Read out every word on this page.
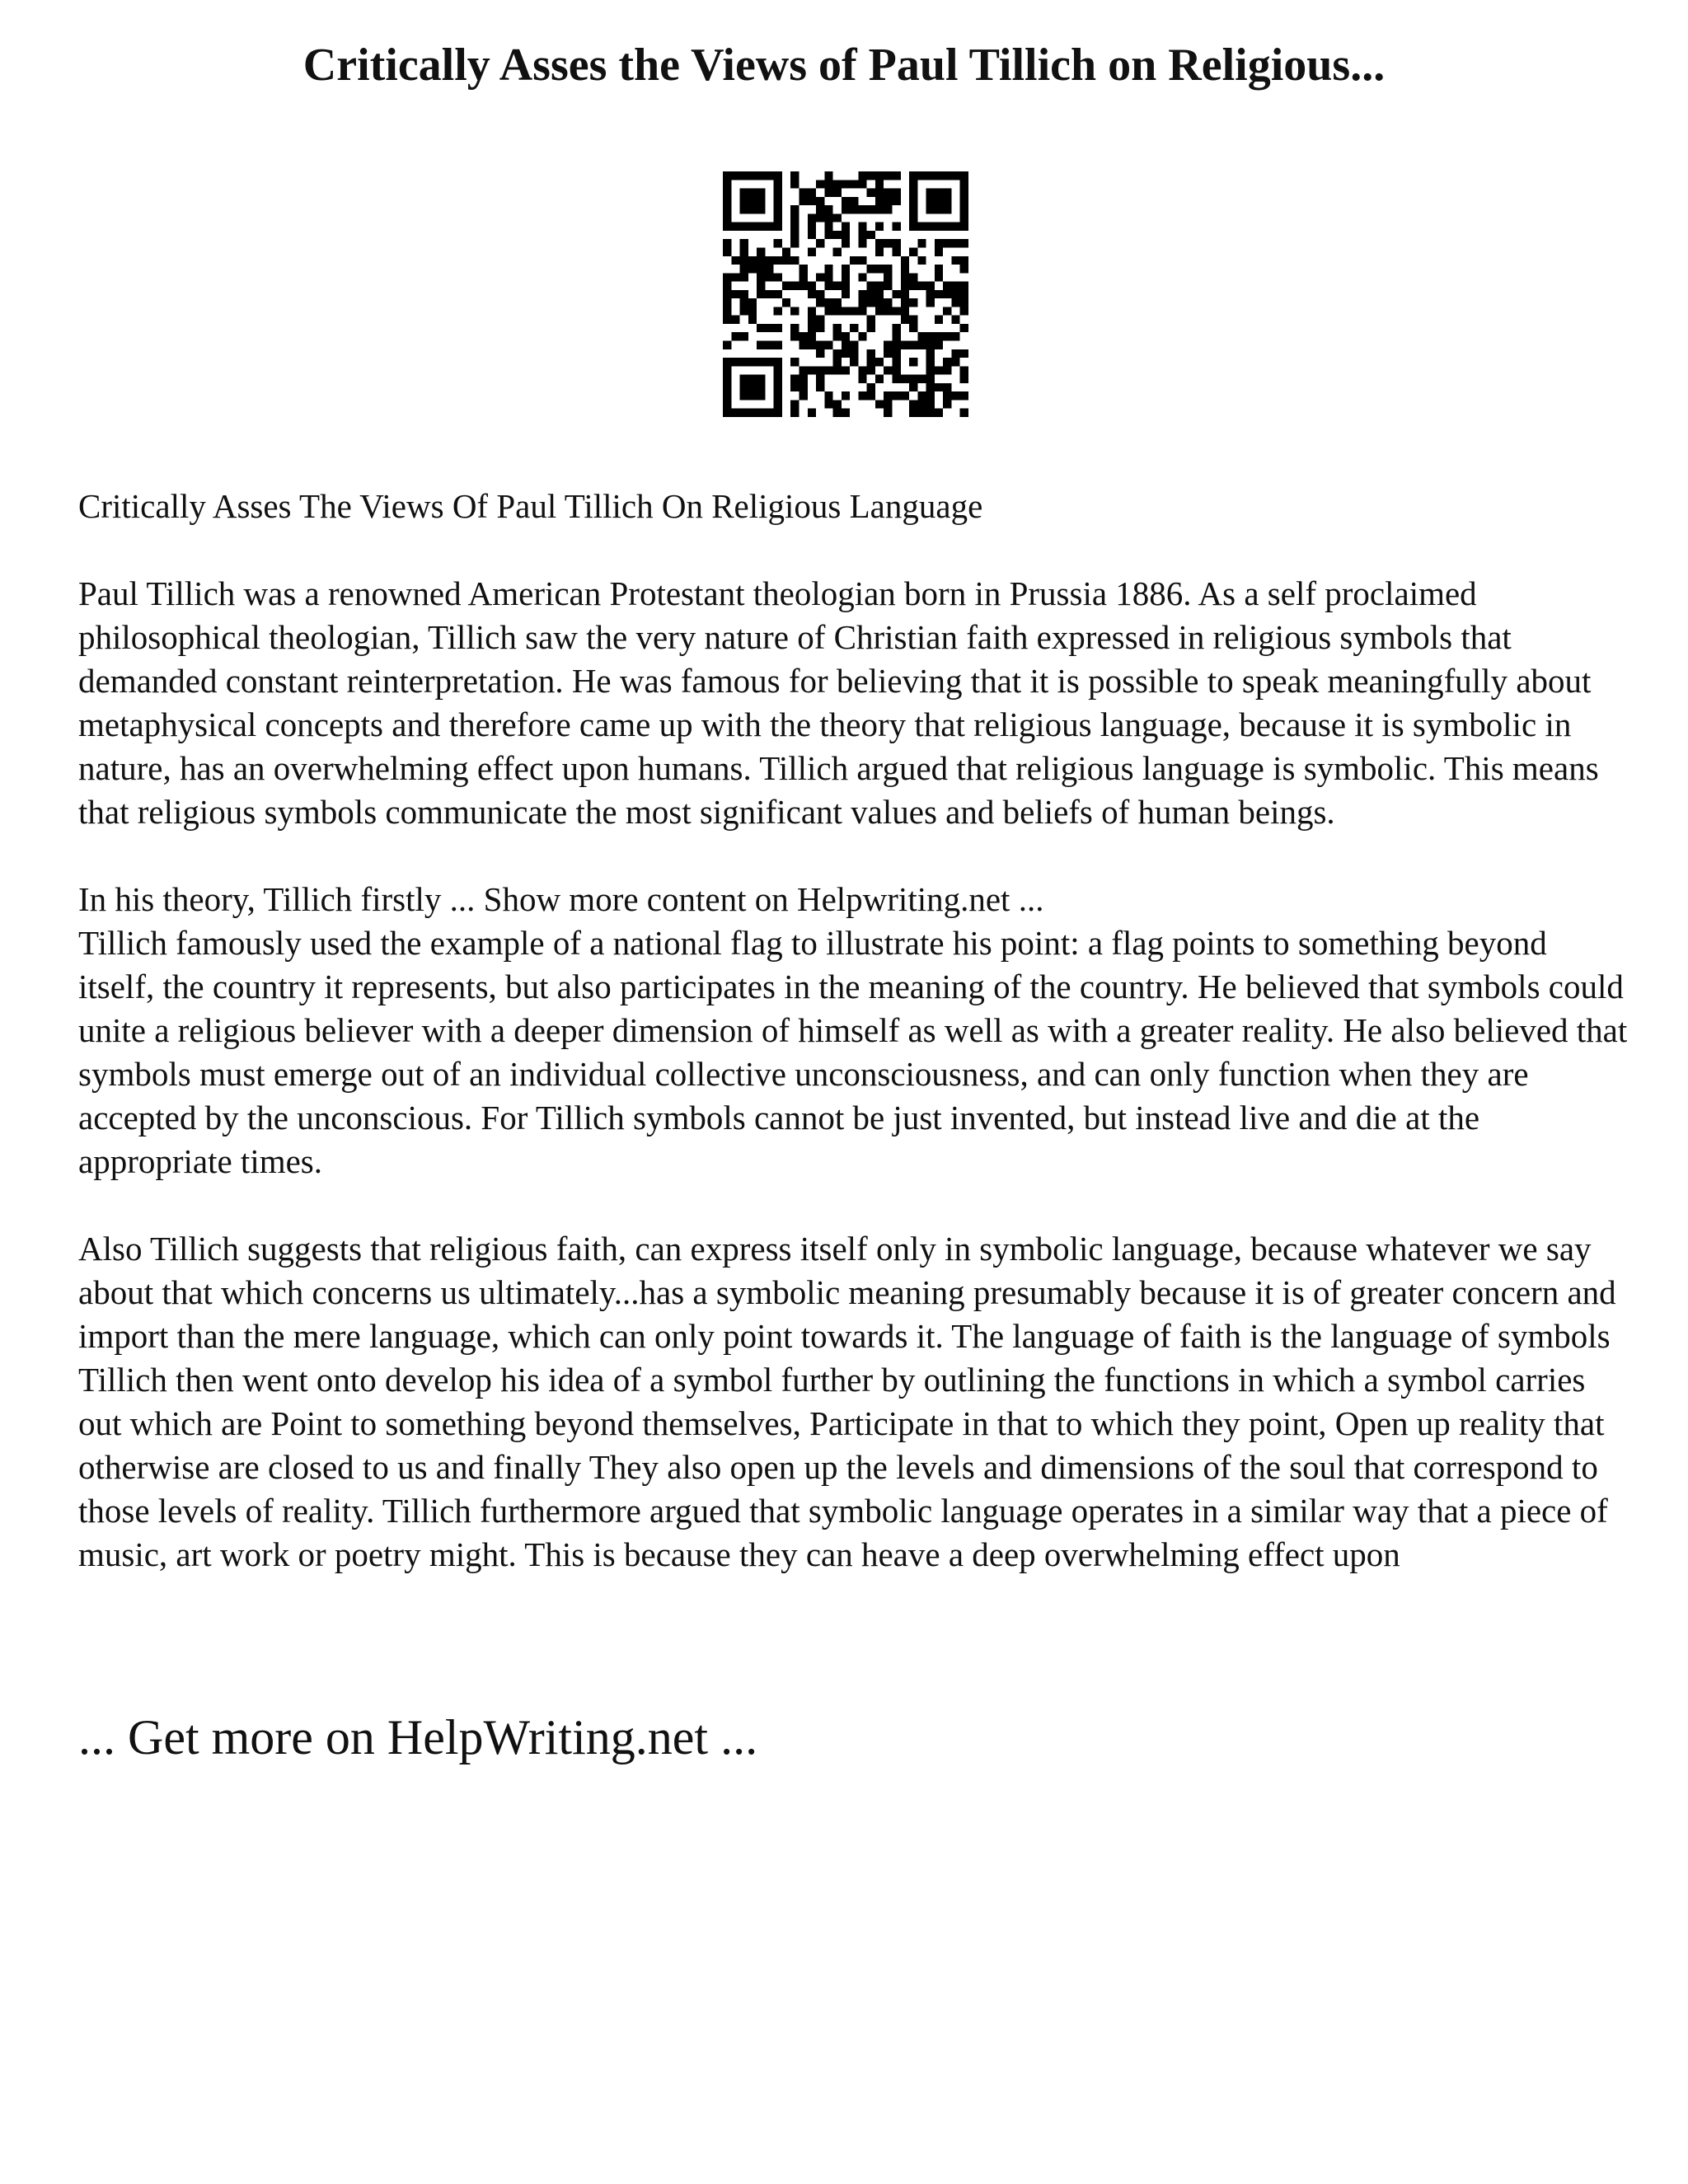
Critically Asses the Views of Paul Tillich on Religious...

Critically Asses The Views Of Paul Tillich On Religious Language

Paul Tillich was a renowned American Protestant theologian born in Prussia 1886. As a self proclaimed philosophical theologian, Tillich saw the very nature of Christian faith expressed in religious symbols that demanded constant reinterpretation. He was famous for believing that it is possible to speak meaningfully about metaphysical concepts and therefore came up with the theory that religious language, because it is symbolic in nature, has an overwhelming effect upon humans. Tillich argued that religious language is symbolic. This means that religious symbols communicate the most significant values and beliefs of human beings.

In his theory, Tillich firstly ... Show more content on Helpwriting.net ...

Tillich famously used the example of a national flag to illustrate his point: a flag points to something beyond itself, the country it represents, but also participates in the meaning of the country. He believed that symbols could unite a religious believer with a deeper dimension of himself as well as with a greater reality. He also believed that symbols must emerge out of an individual collective unconsciousness, and can only function when they are accepted by the unconscious. For Tillich symbols cannot be just invented, but instead live and die at the appropriate times.

Also Tillich suggests that religious faith, can express itself only in symbolic language, because whatever we say about that which concerns us ultimately...has a symbolic meaning presumably because it is of greater concern and import than the mere language, which can only point towards it. The language of faith is the language of symbols Tillich then went onto develop his idea of a symbol further by outlining the functions in which a symbol carries out which are Point to something beyond themselves, Participate in that to which they point, Open up reality that otherwise are closed to us and finally They also open up the levels and dimensions of the soul that correspond to those levels of reality. Tillich furthermore argued that symbolic language operates in a similar way that a piece of music, art work or poetry might. This is because they can heave a deep overwhelming effect upon

... Get more on HelpWriting.net ...
